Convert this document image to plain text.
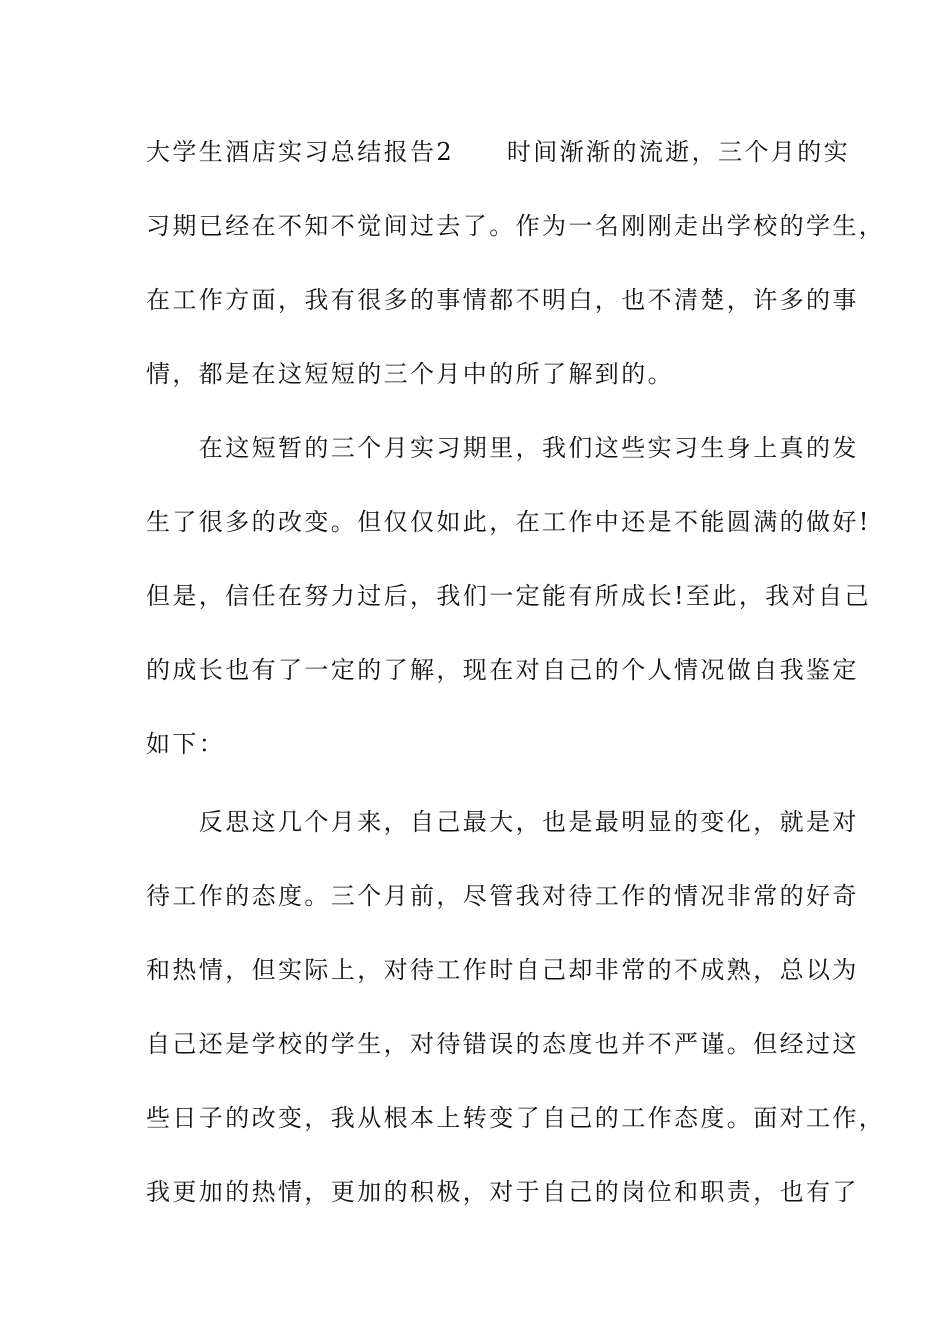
大学生酒店实习总结报告2　　时间渐渐的流逝，三个月的实
习期已经在不知不觉间过去了。作为一名刚刚走出学校的学生，
在工作方面，我有很多的事情都不明白，也不清楚，许多的事
情，都是在这短短的三个月中的所了解到的。
　　在这短暂的三个月实习期里，我们这些实习生身上真的发
生了很多的改变。但仅仅如此，在工作中还是不能圆满的做好!
但是，信任在努力过后，我们一定能有所成长!至此，我对自己
的成长也有了一定的了解，现在对自己的个人情况做自我鉴定
如下：
　　反思这几个月来，自己最大，也是最明显的变化，就是对
待工作的态度。三个月前，尽管我对待工作的情况非常的好奇
和热情，但实际上，对待工作时自己却非常的不成熟，总以为
自己还是学校的学生，对待错误的态度也并不严谨。但经过这
些日子的改变，我从根本上转变了自己的工作态度。面对工作，
我更加的热情，更加的积极，对于自己的岗位和职责，也有了
